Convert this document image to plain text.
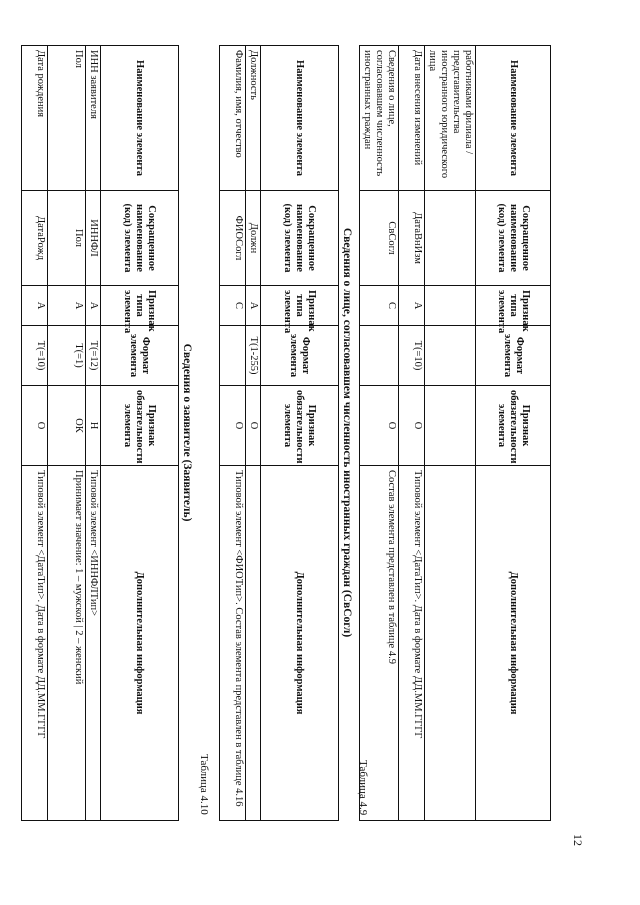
12
Наименование элемента	Сокращенное наименование (код) элемента	Признак типа элемента	Формат элемента	Признак обязательности элемента	Дополнительная информация
работниками филиала / представительства иностранного юридического лица					
Дата внесения изменений	ДатаВнИзм	А	Т(=10)	О	Типовой элемент <ДатаТип>. Дата в формате ДД.ММ.ГГГГ
Сведения о лице, согласовавшем численность иностранных граждан	СвСогл	С		О	Состав элемента представлен в таблице 4.9
Таблица 4.9
Сведения о лице, согласовавшем численность иностранных граждан (СвСогл)
Наименование элемента	Сокращенное наименование (код) элемента	Признак типа элемента	Формат элемента	Признак обязательности элемента	Дополнительная информация
Должность	Должн	А	Т(1-255)	О	
Фамилия, имя, отчество	ФИОСогл	С		О	Типовой элемент <ФИОТип>. Состав элемента представлен в таблице 4.16
Таблица 4.10
Сведения о заявителе (Заявитель)
Наименование элемента	Сокращенное наименование (код) элемента	Признак типа элемента	Формат элемента	Признак обязательности элемента	Дополнительная информация
ИНН заявителя	ИННФЛ	А	Т(=12)	Н	Типовой элемент <ИННФЛТип>
Пол	Пол	А	Т(=1)	ОК	Принимает значение: 1 – мужской | 2 – женский
Дата рождения	ДатаРожд	А	Т(=10)	О	Типовой элемент <ДатаТип>. Дата в формате ДД.ММ.ГГГГ
